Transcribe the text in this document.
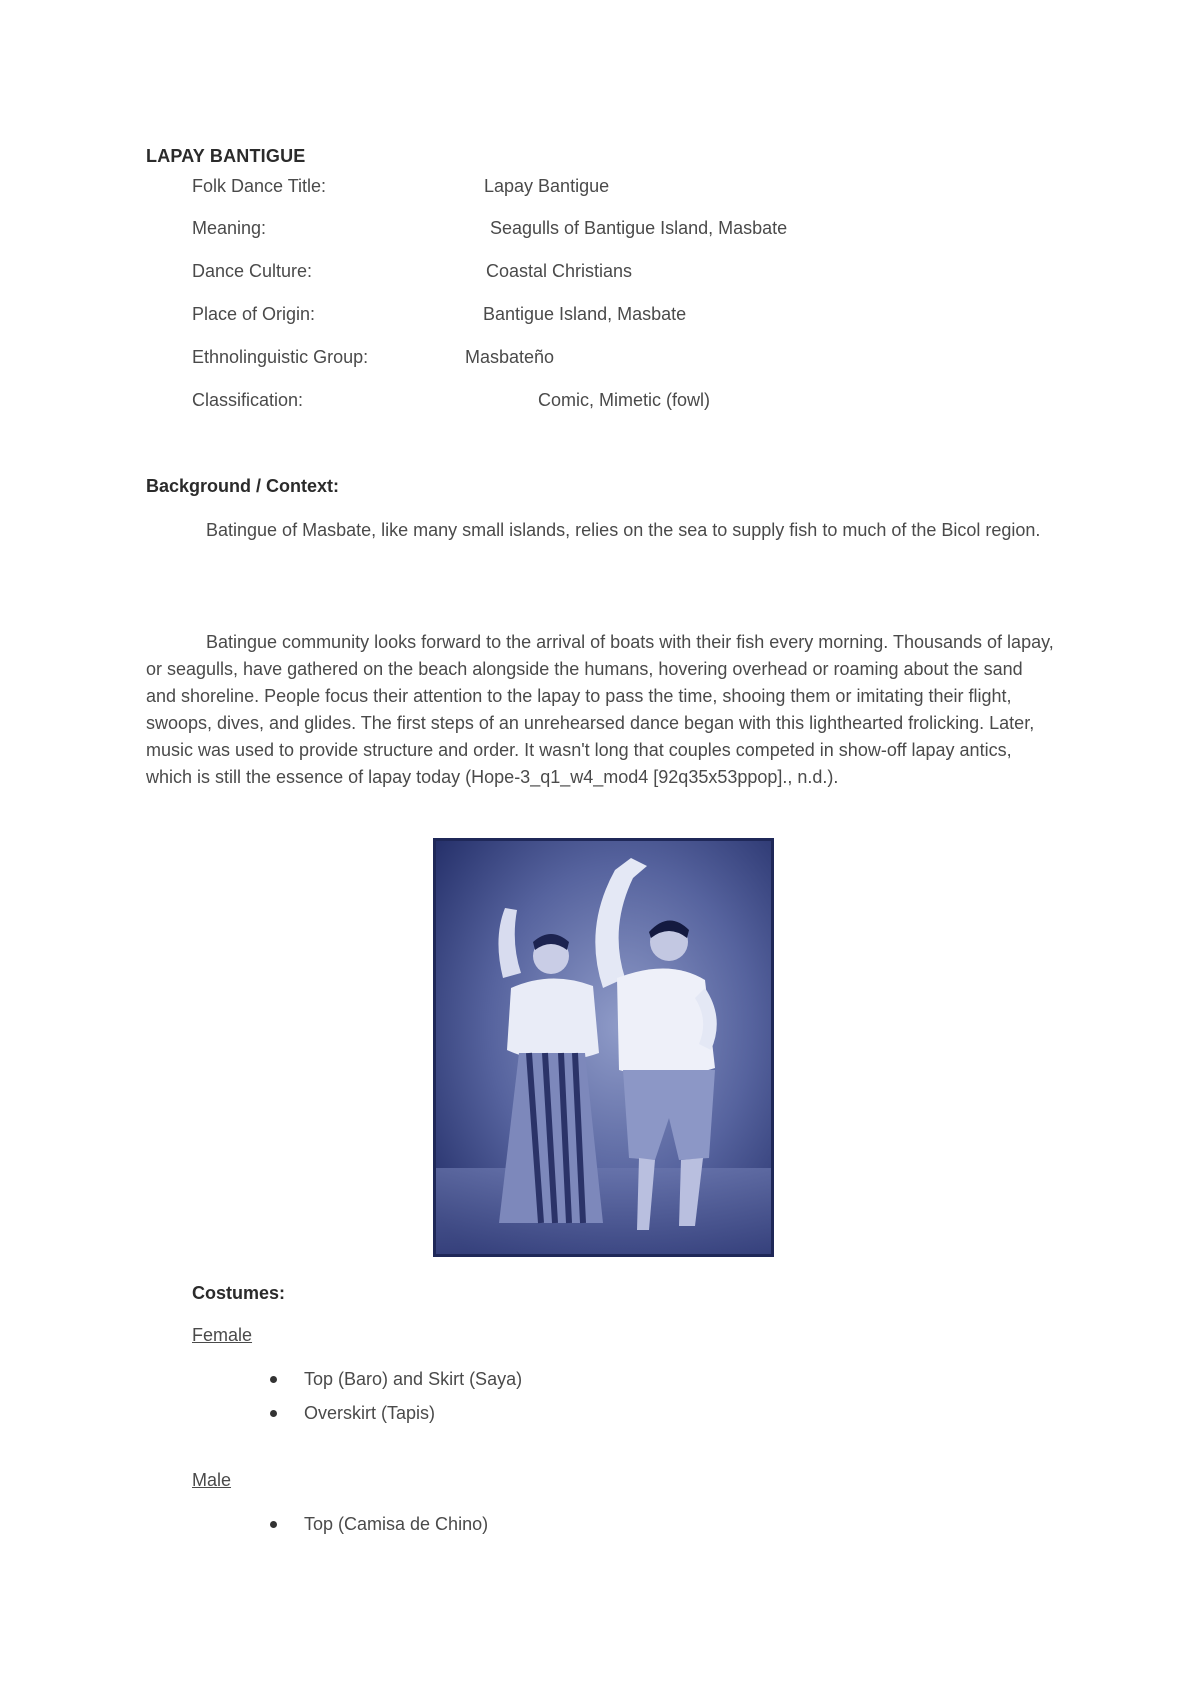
LAPAY BANTIGUE
Folk Dance Title:	Lapay Bantigue
Meaning:	Seagulls of Bantigue Island, Masbate
Dance Culture:	Coastal Christians
Place of Origin:	Bantigue Island, Masbate
Ethnolinguistic Group:	Masbateño
Classification:	Comic, Mimetic (fowl)
Background / Context:

Batingue of Masbate, like many small islands, relies on the sea to supply fish to much of the Bicol region.

Batingue community looks forward to the arrival of boats with their fish every morning. Thousands of lapay, or seagulls, have gathered on the beach alongside the humans, hovering overhead or roaming about the sand and shoreline. People focus their attention to the lapay to pass the time, shooing them or imitating their flight, swoops, dives, and glides. The first steps of an unrehearsed dance began with this lighthearted frolicking. Later, music was used to provide structure and order. It wasn't long that couples competed in show-off lapay antics, which is still the essence of lapay today (Hope-3_q1_w4_mod4 [92q35x53ppop]., n.d.).

Costumes:

Female

Top (Baro) and Skirt (Saya)
Overskirt (Tapis)

Male

Top (Camisa de Chino)
